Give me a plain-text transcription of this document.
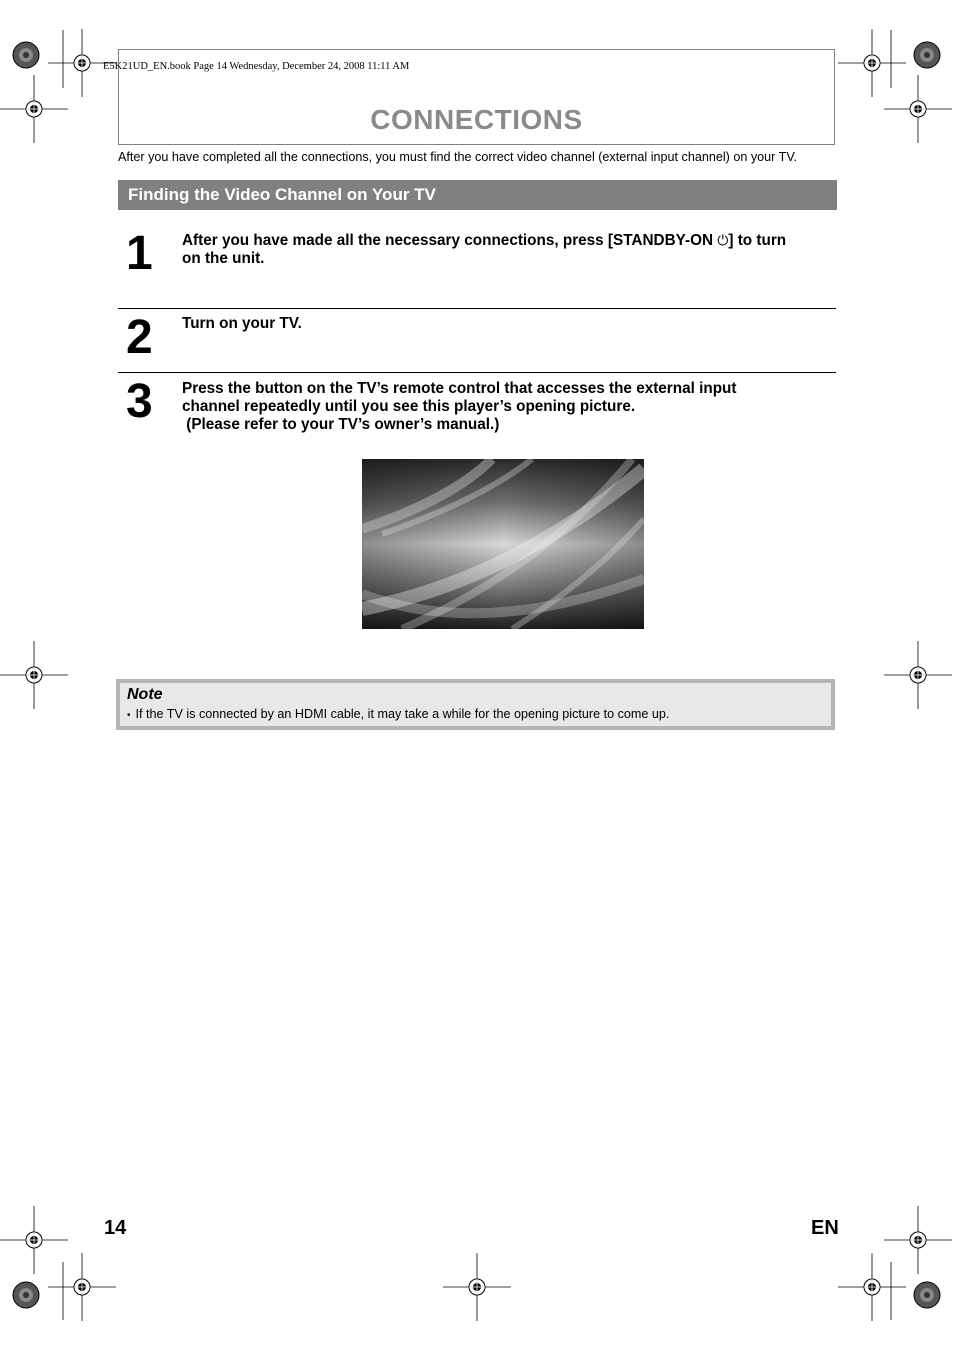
E5K21UD_EN.book Page 14 Wednesday, December 24, 2008 11:11 AM
CONNECTIONS
After you have completed all the connections, you must find the correct video channel (external input channel) on your TV.
Finding the Video Channel on Your TV
1 After you have made all the necessary connections, press [STANDBY-ON ⏻] to turn
on the unit.
2 Turn on your TV.
3 Press the button on the TV’s remote control that accesses the external input
channel repeatedly until you see this player’s opening picture.
(Please refer to your TV’s owner’s manual.)
Note
• If the TV is connected by an HDMI cable, it may take a while for the opening picture to come up.
14	EN
